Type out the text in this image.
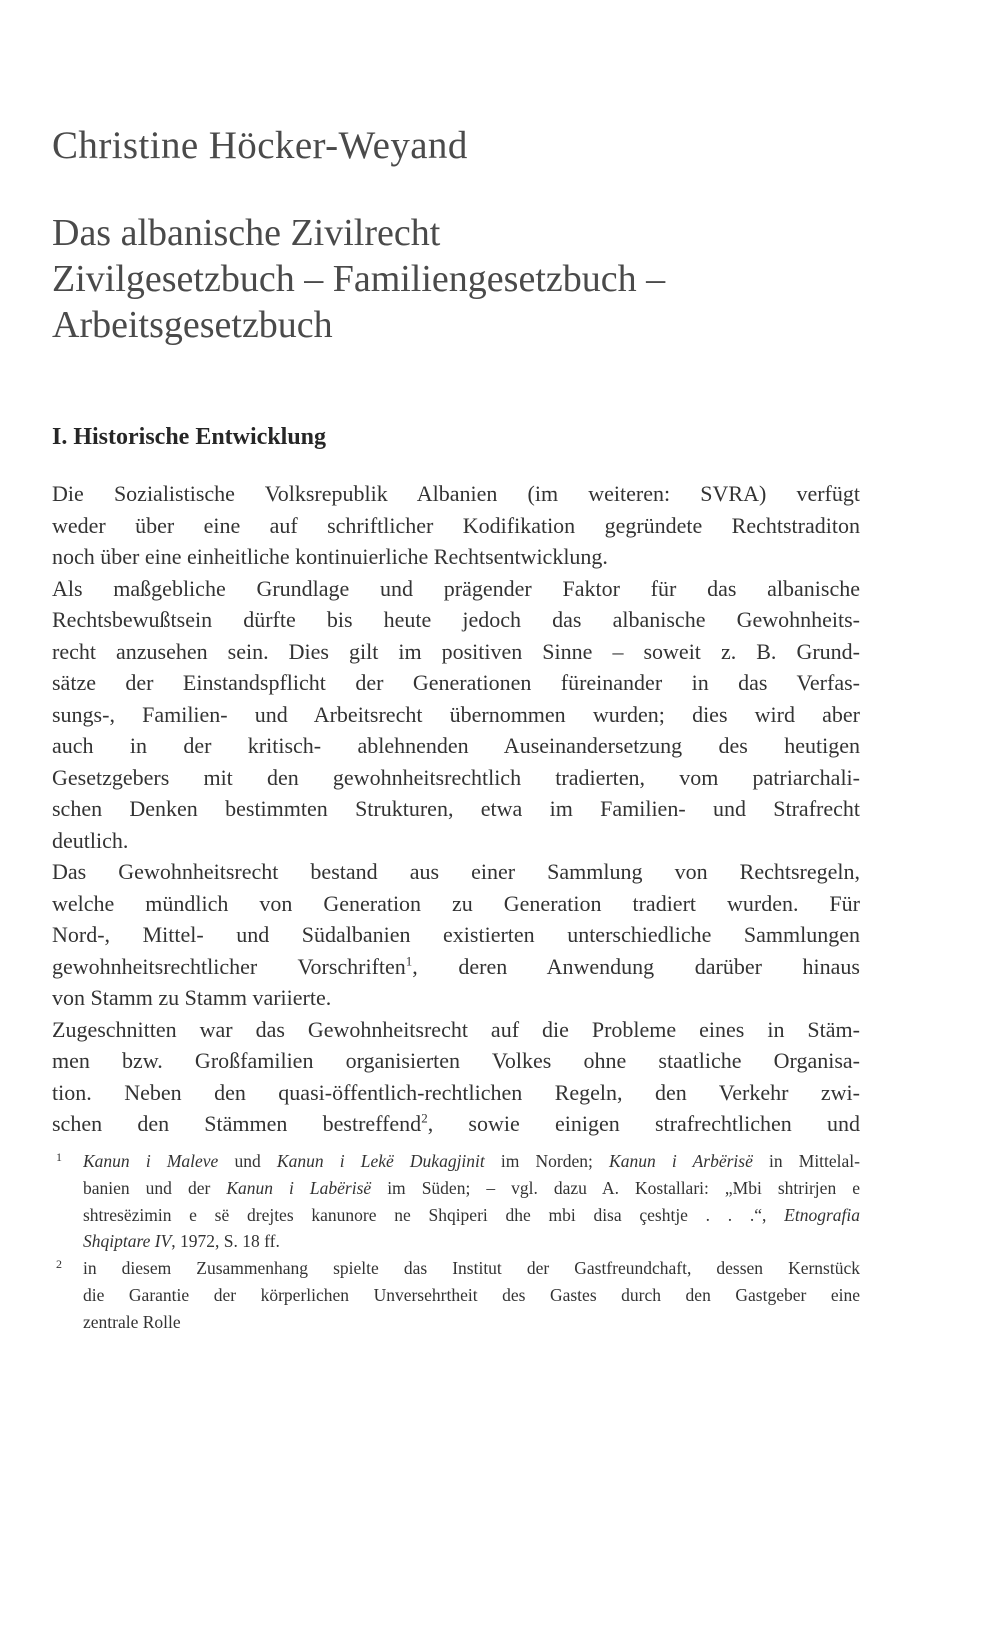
Christine Höcker-Weyand
Das albanische Zivilrecht
Zivilgesetzbuch – Familiengesetzbuch –
Arbeitsgesetzbuch
I. Historische Entwicklung
Die Sozialistische Volksrepublik Albanien (im weiteren: SVRA) verfügt
weder über eine auf schriftlicher Kodifikation gegründete Rechtstraditon
noch über eine einheitliche kontinuierliche Rechtsentwicklung.
Als maßgebliche Grundlage und prägender Faktor für das albanische
Rechtsbewußtsein dürfte bis heute jedoch das albanische Gewohnheits-
recht anzusehen sein. Dies gilt im positiven Sinne – soweit z. B. Grund-
sätze der Einstandspflicht der Generationen füreinander in das Verfas-
sungs-, Familien- und Arbeitsrecht übernommen wurden; dies wird aber
auch in der kritisch- ablehnenden Auseinandersetzung des heutigen
Gesetzgebers mit den gewohnheitsrechtlich tradierten, vom patriarchali-
schen Denken bestimmten Strukturen, etwa im Familien- und Strafrecht
deutlich.
Das Gewohnheitsrecht bestand aus einer Sammlung von Rechtsregeln,
welche mündlich von Generation zu Generation tradiert wurden. Für
Nord-, Mittel- und Südalbanien existierten unterschiedliche Sammlungen
gewohnheitsrechtlicher Vorschriften$^1$, deren Anwendung darüber hinaus
von Stamm zu Stamm variierte.
Zugeschnitten war das Gewohnheitsrecht auf die Probleme eines in Stäm-
men bzw. Großfamilien organisierten Volkes ohne staatliche Organisa-
tion. Neben den quasi-öffentlich-rechtlichen Regeln, den Verkehr zwi-
schen den Stämmen bestreffend$^2$, sowie einigen strafrechtlichen und
1 Kanun i Maleve und Kanun i Lekë Dukagjinit im Norden; Kanun i Arbërisë in Mittelal-
banien und der Kanun i Labërisë im Süden; – vgl. dazu A. Kostallari: „Mbi shtrirjen e
shtresëzimin e së drejtes kanunore ne Shqiperi dhe mbi disa çeshtje . . .“, Etnografia
Shqiptare IV, 1972, S. 18 ff.
2 in diesem Zusammenhang spielte das Institut der Gastfreundchaft, dessen Kernstück
die Garantie der körperlichen Unversehrtheit des Gastes durch den Gastgeber eine
zentrale Rolle
